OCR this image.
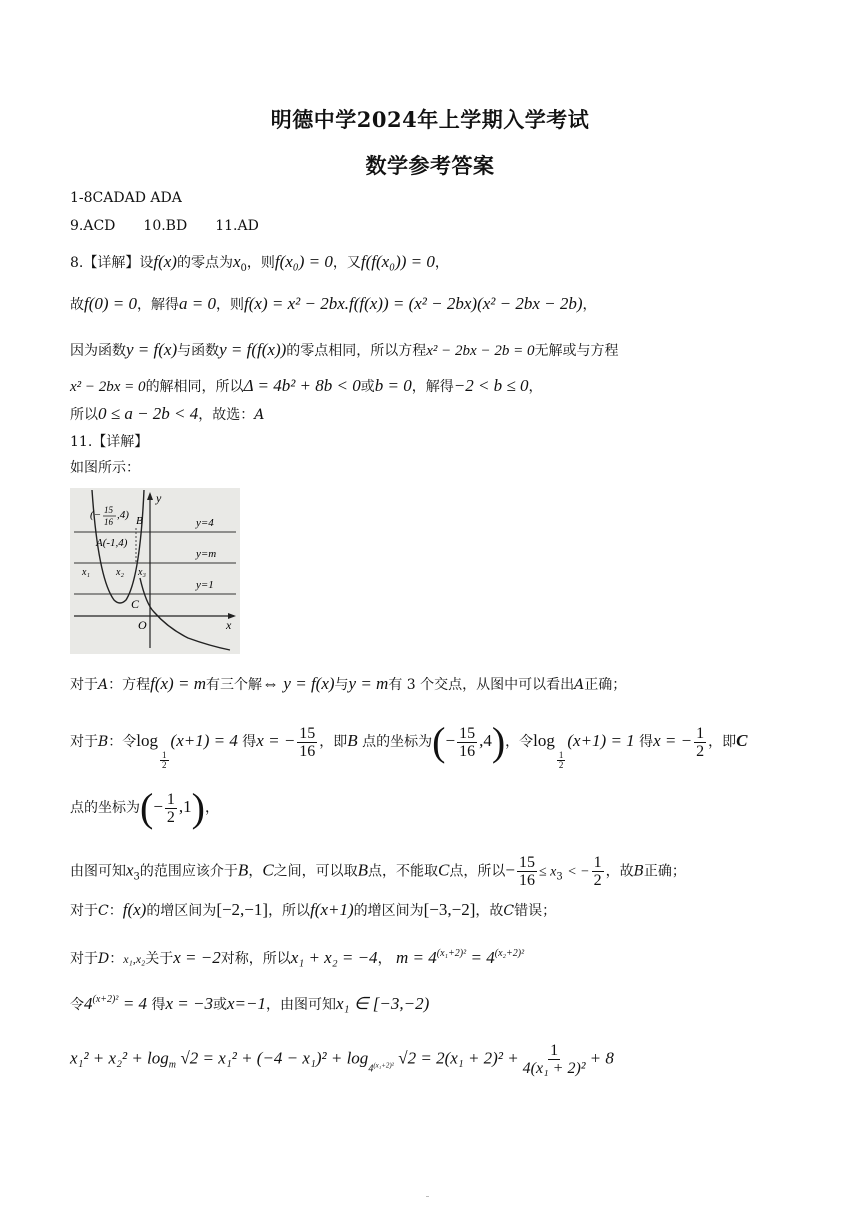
明德中学2024年上学期入学考试
数学参考答案
1-8CADAD ADA
9.ACD 10.BD 11.AD
8.【详解】设f(x)的零点为$x_0$，则f(x₀) = 0，又f(f(x₀)) = 0，
故f(0) = 0，解得a = 0，则f(x) = x² − 2bx.f(f(x)) = (x² − 2bx)(x² − 2bx − 2b)，
因为函数y = f(x)与函数y = f(f(x))的零点相同，所以方程x² − 2bx − 2b = 0无解或与方程
x² − 2bx = 0的解相同，所以Δ = 4b² + 8b < 0或b = 0，解得−2 < b ≤ 0，
所以0 ≤ a − 2b < 4，故选：A
11.【详解】
如图所示：
(− 15
16
,4) B
A(-1,4)
x₁	x₂ x₃
y=4
y=m
y=1
C
O	x
y
对于A：方程f(x) = m有三个解⇔ y = f(x)与y = m有 3 个交点，从图中可以看出A正确；
对于B：令log
$\frac{1}{2}$
(x+1) = 4 得x = − $\frac{15}{16}$ ，即B 点的坐标为(− $\frac{15}{16} ,4$)，令log
$\frac{1}{2}$
(x+1) = 1 得x = − $\frac{1}{2}$ ，即C
点的坐标为(− $\frac{1}{2} ,1$)，
由图可知$x_3$的范围应该介于B，C之间，可以取B点，不能取C点，所以− $\frac{15}{16} \le x_3$ < − $\frac{1}{2}$ ，故B正确；
对于C：f(x)的增区间为[−2,−1]，所以f(x+1)的增区间为[−3,−2]，故C错误；
对于D：x₁,x₂关于x = −2对称，所以x₁ + x₂ = −4， $m = 4^{(x_1+2)^2} = 4^{(x_2+2)^2}$
令$4^{(x+2)^2} = 4$ 得x = −3或x=−1，由图可知x₁ ∈ [−3,−2)
$x_1^2 + x_2^2 + \log_m √2 = x_1^2 + (-4 - x_1)^2 + \log_{4(x_1+2)^2} √2 = 2(x_1 + 2)^2 + \frac{1}{\text{4(x₁ + 2)²}} + 8$
